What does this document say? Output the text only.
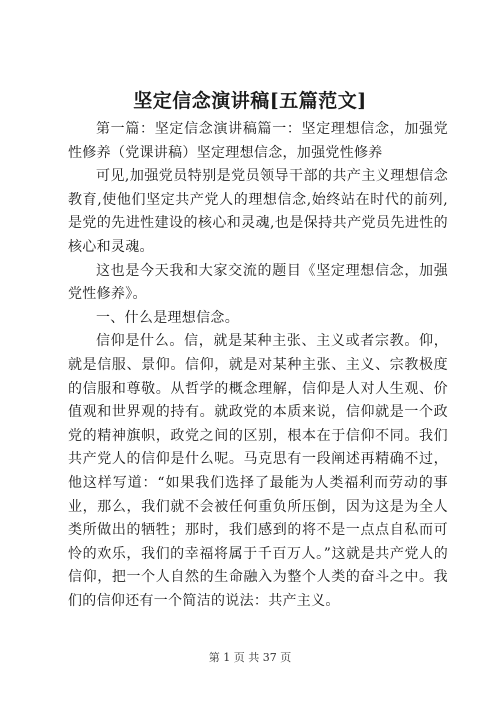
坚定信念演讲稿[五篇范文]

第一篇：坚定信念演讲稿篇一：坚定理想信念，加强党性修养（党课讲稿）坚定理想信念，加强党性修养

可见,加强党员特别是党员领导干部的共产主义理想信念教育,使他们坚定共产党人的理想信念,始终站在时代的前列,是党的先进性建设的核心和灵魂,也是保持共产党员先进性的核心和灵魂。

这也是今天我和大家交流的题目《坚定理想信念，加强党性修养》。

一、什么是理想信念。

信仰是什么。信，就是某种主张、主义或者宗教。仰，就是信服、景仰。信仰，就是对某种主张、主义、宗教极度的信服和尊敬。从哲学的概念理解，信仰是人对人生观、价值观和世界观的持有。就政党的本质来说，信仰就是一个政党的精神旗帜，政党之间的区别，根本在于信仰不同。我们共产党人的信仰是什么呢。马克思有一段阐述再精确不过，他这样写道：“如果我们选择了最能为人类福利而劳动的事业，那么，我们就不会被任何重负所压倒，因为这是为全人类所做出的牺牲；那时，我们感到的将不是一点点自私而可怜的欢乐，我们的幸福将属于千百万人。”这就是共产党人的信仰，把一个人自然的生命融入为整个人类的奋斗之中。我们的信仰还有一个简洁的说法：共产主义。

第 1 页 共 37 页
